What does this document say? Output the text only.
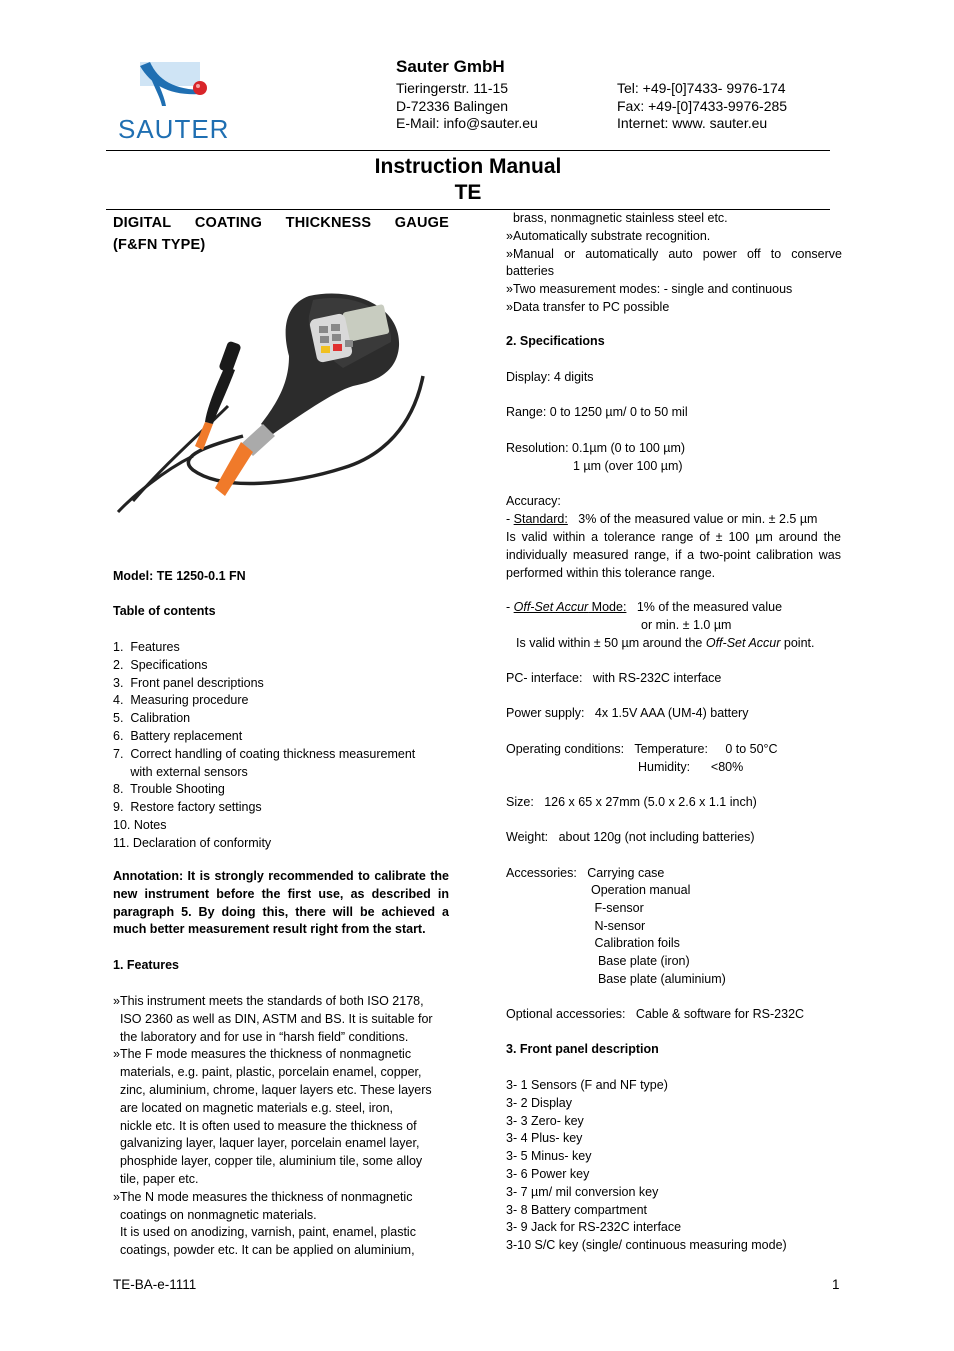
SAUTER
Sauter GmbH
Tieringerstr. 11-15
D-72336 Balingen
E-Mail: info@sauter.eu
Tel: +49-[0]7433- 9976-174
Fax: +49-[0]7433-9976-285
Internet: www. sauter.eu
Instruction Manual
TE
DIGITAL COATING THICKNESS GAUGE
(F&FN TYPE)
Model: TE 1250-0.1 FN
Table of contents
1.  Features
2.  Specifications
3.  Front panel descriptions
4.  Measuring procedure
5.  Calibration
6.  Battery replacement
7.  Correct handling of coating thickness measurement
with external sensors
8.  Trouble Shooting
9.  Restore factory settings
10. Notes
11. Declaration of conformity
Annotation: It is strongly recommended to calibrate the new instrument before the first use, as described in paragraph 5. By doing this, there will be achieved a much better measurement result right from the start.
1. Features
»This instrument meets the standards of both ISO 2178,
ISO 2360 as well as DIN, ASTM and BS. It is suitable for
the laboratory and for use in “harsh field” conditions.
»The F mode measures the thickness of nonmagnetic
materials, e.g. paint, plastic, porcelain enamel, copper,
zinc, aluminium, chrome, laquer layers etc. These layers
are located on magnetic materials e.g. steel, iron,
nickle etc. It is often used to measure the thickness of
galvanizing layer, laquer layer, porcelain enamel layer,
phosphide layer, copper tile, aluminium tile, some alloy
tile, paper etc.
»The N mode measures the thickness of nonmagnetic
coatings on nonmagnetic materials.
It is used on anodizing, varnish, paint, enamel, plastic
coatings, powder etc. It can be applied on aluminium,
brass, nonmagnetic stainless steel etc.
»Automatically substrate recognition.
»Manual or automatically auto power off to conserve batteries
»Two measurement modes: - single and continuous
»Data transfer to PC possible
2. Specifications
Display: 4 digits
Range: 0 to 1250 µm/ 0 to 50 mil
Resolution: 0.1µm (0 to 100 µm)
1 µm (over 100 µm)
Accuracy:
- Standard:   3% of the measured value or min. ± 2.5 µm
Is valid within a tolerance range of ± 100 µm around the individually measured range, if a two-point calibration was performed within this tolerance range.
- Off-Set Accur Mode:   1% of the measured value
or min. ± 1.0 µm
Is valid within ± 50 µm around the Off-Set Accur point.
PC- interface:   with RS-232C interface
Power supply:   4x 1.5V AAA (UM-4) battery
Operating conditions:   Temperature:     0 to 50°C
Humidity:      <80%
Size:   126 x 65 x 27mm (5.0 x 2.6 x 1.1 inch)
Weight:   about 120g (not including batteries)
Accessories:   Carrying case
Operation manual
F-sensor
N-sensor
Calibration foils
Base plate (iron)
Base plate (aluminium)
Optional accessories:   Cable & software for RS-232C
3. Front panel description
3- 1 Sensors (F and NF type)
3- 2 Display
3- 3 Zero- key
3- 4 Plus- key
3- 5 Minus- key
3- 6 Power key
3- 7 µm/ mil conversion key
3- 8 Battery compartment
3- 9 Jack for RS-232C interface
3-10 S/C key (single/ continuous measuring mode)
TE-BA-e-1111	1
